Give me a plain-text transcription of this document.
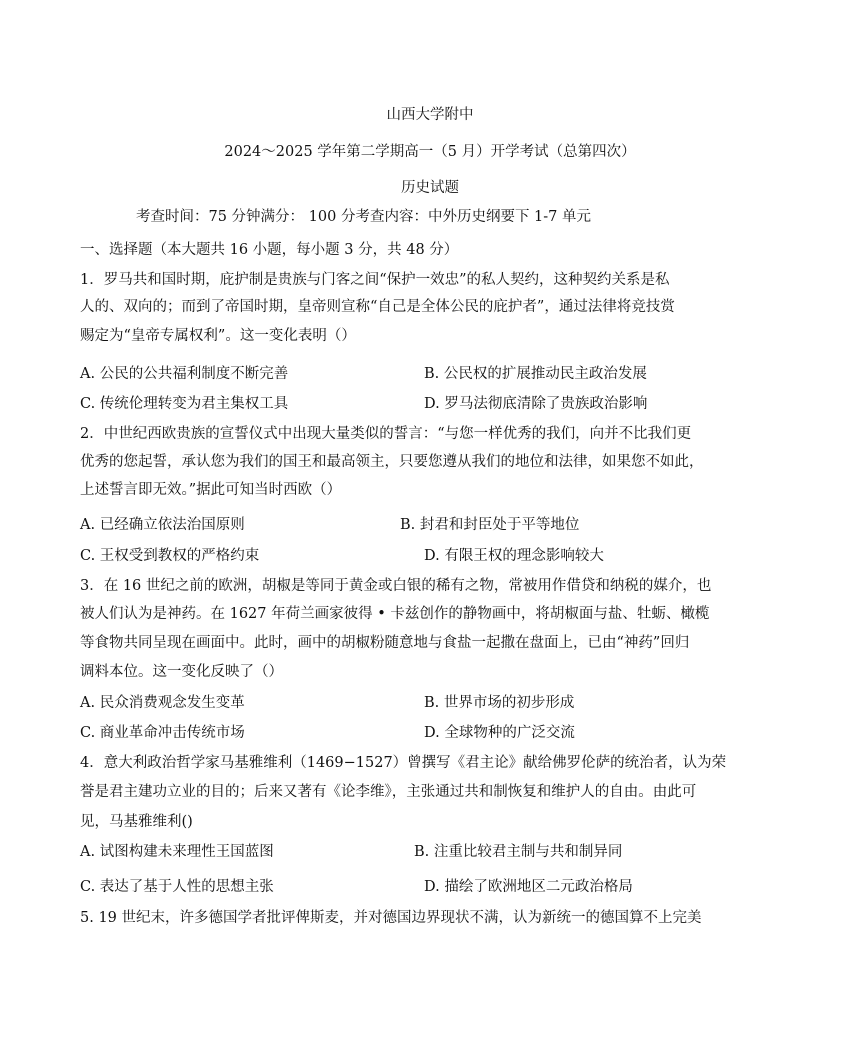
山西大学附中
2024～2025 学年第二学期高一（5 月）开学考试（总第四次）
历史试题
考查时间：75 分钟满分： 100 分考查内容：中外历史纲要下 1-7 单元
一、选择题（本大题共 16 小题，每小题 3 分，共 48 分）
1．罗马共和国时期，庇护制是贵族与门客之间“保护一效忠”的私人契约，这种契约关系是私
人的、双向的；而到了帝国时期，皇帝则宣称“自己是全体公民的庇护者”，通过法律将竞技赏
赐定为“皇帝专属权利”。这一变化表明（）
A. 公民的公共福利制度不断完善	B. 公民权的扩展推动民主政治发展
C. 传统伦理转变为君主集权工具	D. 罗马法彻底清除了贵族政治影响
2．中世纪西欧贵族的宣誓仪式中出现大量类似的誓言：“与您一样优秀的我们，向并不比我们更
优秀的您起誓，承认您为我们的国王和最高领主，只要您遵从我们的地位和法律，如果您不如此，
上述誓言即无效。”据此可知当时西欧（）
A. 已经确立依法治国原则	B. 封君和封臣处于平等地位
C. 王权受到教权的严格约束	D. 有限王权的理念影响较大
3．在 16 世纪之前的欧洲，胡椒是等同于黄金或白银的稀有之物，常被用作借贷和纳税的媒介，也
被人们认为是神药。在 1627 年荷兰画家彼得 • 卡兹创作的静物画中，将胡椒面与盐、牡蛎、橄榄
等食物共同呈现在画面中。此时，画中的胡椒粉随意地与食盐一起撒在盘面上，已由“神药”回归
调料本位。这一变化反映了（）
A. 民众消费观念发生变革	B. 世界市场的初步形成
C. 商业革命冲击传统市场	D. 全球物种的广泛交流
4．意大利政治哲学家马基雅维利（1469−1527）曾撰写《君主论》献给佛罗伦萨的统治者，认为荣
誉是君主建功立业的目的；后来又著有《论李维》，主张通过共和制恢复和维护人的自由。由此可
见，马基雅维利()
A. 试图构建未来理性王国蓝图	B. 注重比较君主制与共和制异同
C. 表达了基于人性的思想主张	D. 描绘了欧洲地区二元政治格局
5. 19 世纪末，许多德国学者批评俾斯麦，并对德国边界现状不满，认为新统一的德国算不上完美
